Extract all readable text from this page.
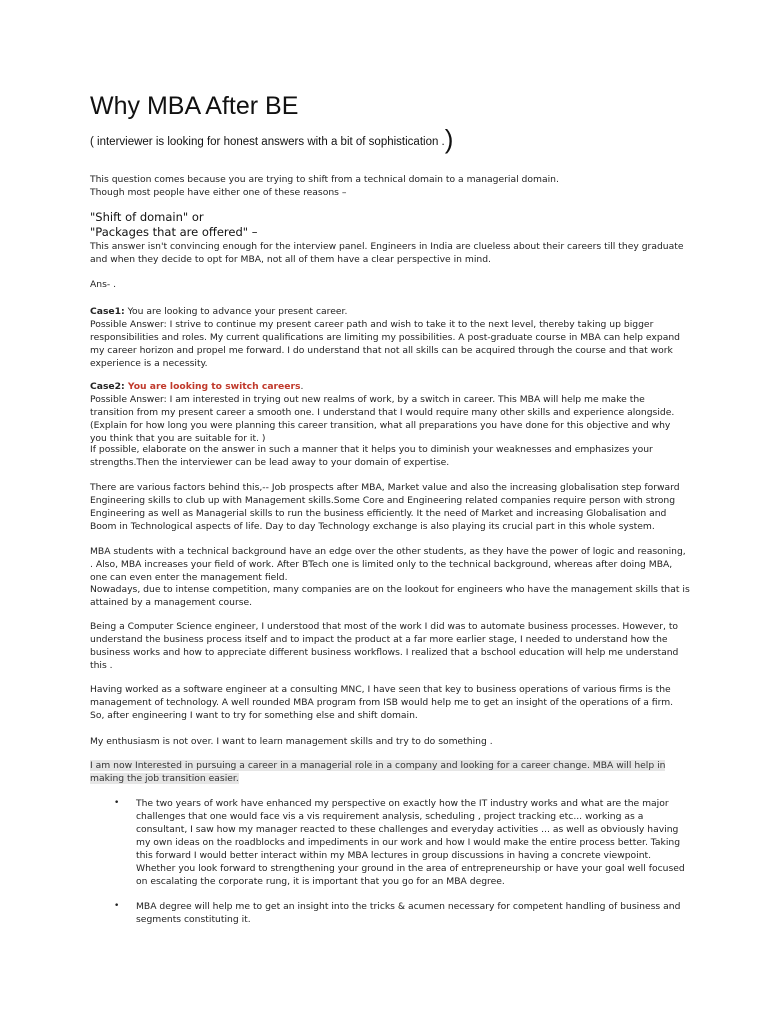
Why MBA After BE
( interviewer is looking for honest answers with a bit of sophistication .)

This question comes because you are trying to shift from a technical domain to a managerial domain.

Though most people have either one of these reasons –

"Shift of domain" or

"Packages that are offered" –

This answer isn't convincing enough for the interview panel. Engineers in India are clueless about their careers till they graduate and when they decide to opt for MBA, not all of them have a clear perspective in mind.

Ans- .

Case1: You are looking to advance your present career.

Possible Answer: I strive to continue my present career path and wish to take it to the next level, thereby taking up bigger responsibilities and roles. My current qualifications are limiting my possibilities. A post-graduate course in MBA can help expand my career horizon and propel me forward. I do understand that not all skills can be acquired through the course and that work experience is a necessity.

Case2: You are looking to switch careers.

Possible Answer: I am interested in trying out new realms of work, by a switch in career. This MBA will help me make the transition from my present career a smooth one. I understand that I would require many other skills and experience alongside. (Explain for how long you were planning this career transition, what all preparations you have done for this objective and why you think that you are suitable for it. )

If possible, elaborate on the answer in such a manner that it helps you to diminish your weaknesses and emphasizes your strengths.Then the interviewer can be lead away to your domain of expertise.

There are various factors behind this,-- Job prospects after MBA, Market value and also the increasing globalisation step forward Engineering skills to club up with Management skills.Some Core and Engineering related companies require person with strong Engineering as well as Managerial skills to run the business efficiently. It the need of Market and increasing Globalisation and Boom in Technological aspects of life. Day to day Technology exchange is also playing its crucial part in this whole system.

MBA students with a technical background have an edge over the other students, as they have the power of logic and reasoning, . Also, MBA increases your field of work. After BTech one is limited only to the technical background, whereas after doing MBA, one can even enter the management field.

Nowadays, due to intense competition, many companies are on the lookout for engineers who have the management skills that is attained by a management course.

Being a Computer Science engineer, I understood that most of the work I did was to automate business processes. However, to understand the business process itself and to impact the product at a far more earlier stage, I needed to understand how the business works and how to appreciate different business workflows. I realized that a bschool education will help me understand this .

Having worked as a software engineer at a consulting MNC, I have seen that key to business operations of various firms is the management of technology. A well rounded MBA program from ISB would help me to get an insight of the operations of a firm. So, after engineering I want to try for something else and shift domain.

My enthusiasm is not over. I want to learn management skills and try to do something .

I am now Interested in pursuing a career in a managerial role in a company and looking for a career change. MBA will help in making the job transition easier.

• The two years of work have enhanced my perspective on exactly how the IT industry works and what are the major challenges that one would face vis a vis requirement analysis, scheduling , project tracking etc... working as a consultant, I saw how my manager reacted to these challenges and everyday activities ... as well as obviously having my own ideas on the roadblocks and impediments in our work and how I would make the entire process better. Taking this forward I would better interact within my MBA lectures in group discussions in having a concrete viewpoint. Whether you look forward to strengthening your ground in the area of entrepreneurship or have your goal well focused on escalating the corporate rung, it is important that you go for an MBA degree.

• MBA degree will help me to get an insight into the tricks & acumen necessary for competent handling of business and segments constituting it.
